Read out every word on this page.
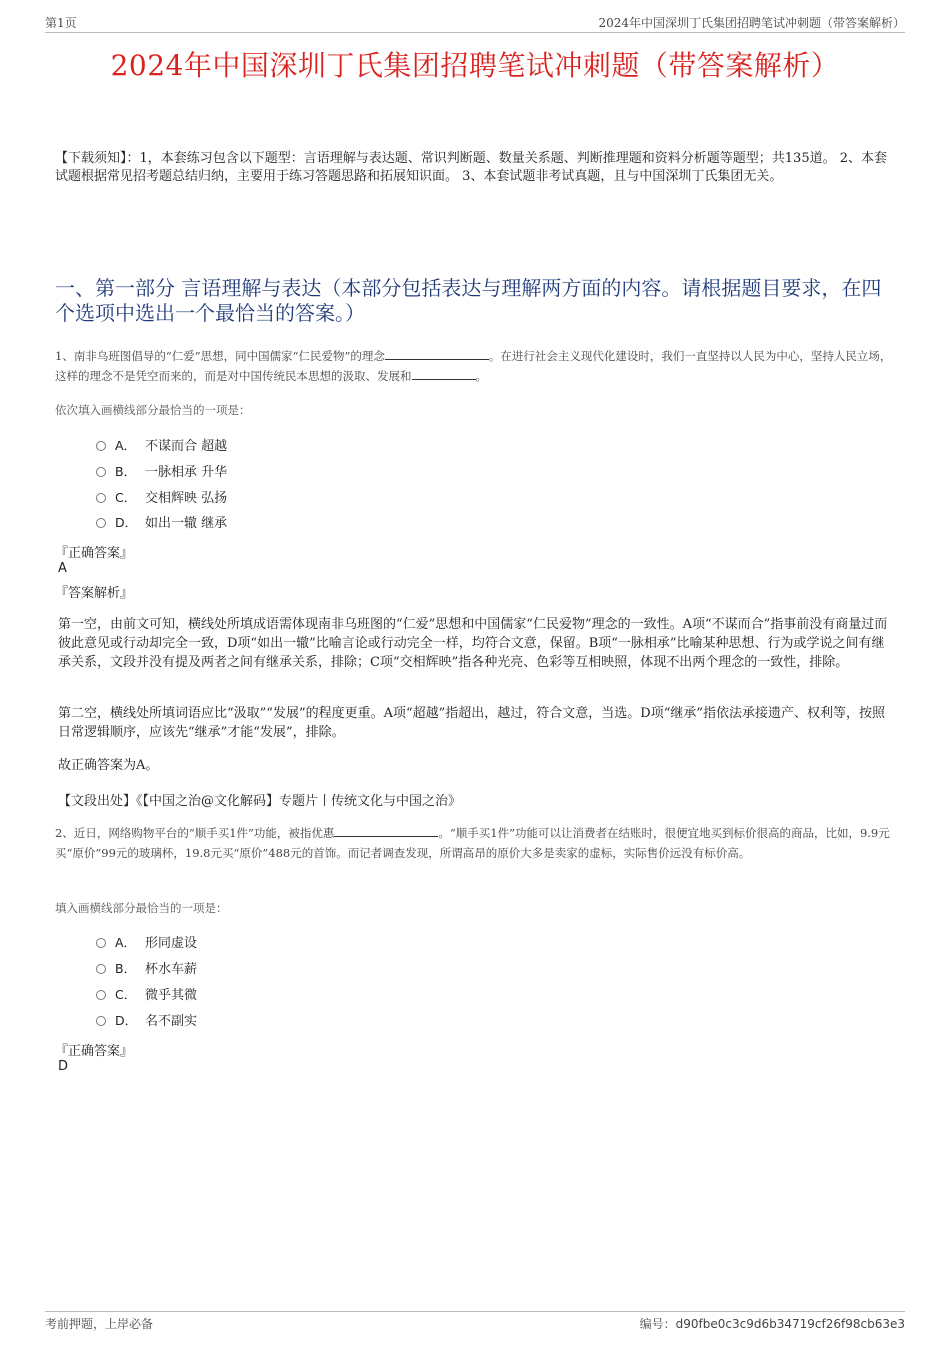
第1页	2024年中国深圳丁氏集团招聘笔试冲刺题（带答案解析）
2024年中国深圳丁氏集团招聘笔试冲刺题（带答案解析）
【下载须知】：1，本套练习包含以下题型：言语理解与表达题、常识判断题、数量关系题、判断推理题和资料分析题等题型；共135道。 2、本套试题根据常见招考题总结归纳，主要用于练习答题思路和拓展知识面。 3、本套试题非考试真题，且与中国深圳丁氏集团无关。
一、第一部分 言语理解与表达（本部分包括表达与理解两方面的内容。请根据题目要求，在四个选项中选出一个最恰当的答案。）
1、南非乌班图倡导的“仁爱”思想，同中国儒家“仁民爱物”的理念	。在进行社会主义现代化建设时，我们一直坚持以人民为中心，坚持人民立场，这样的理念不是凭空而来的，而是对中国传统民本思想的汲取、发展和	。
依次填入画横线部分最恰当的一项是：
A． 不谋而合 超越
B． 一脉相承 升华
C． 交相辉映 弘扬
D． 如出一辙 继承
『正确答案』
A
『答案解析』
第一空，由前文可知，横线处所填成语需体现南非乌班图的“仁爱”思想和中国儒家“仁民爱物”理念的一致性。A项“不谋而合”指事前没有商量过而彼此意见或行动却完全一致，D项“如出一辙”比喻言论或行动完全一样，均符合文意，保留。B项“一脉相承”比喻某种思想、行为或学说之间有继承关系，文段并没有提及两者之间有继承关系，排除；C项“交相辉映”指各种光亮、色彩等互相映照，体现不出两个理念的一致性，排除。
第二空，横线处所填词语应比“汲取”“发展”的程度更重。A项“超越”指超出，越过，符合文意，当选。D项“继承”指依法承接遗产、权利等，按照日常逻辑顺序，应该先“继承”才能“发展”，排除。
故正确答案为A。
【文段出处】《【中国之治@文化解码】专题片丨传统文化与中国之治》
2、近日，网络购物平台的“顺手买1件”功能，被指优惠	。“顺手买1件”功能可以让消费者在结账时，很便宜地买到标价很高的商品，比如，9.9元买“原价”99元的玻璃杯，19.8元买“原价”488元的首饰。而记者调查发现，所谓高昂的原价大多是卖家的虚标，实际售价远没有标价高。
填入画横线部分最恰当的一项是：
A． 形同虚设
B． 杯水车薪
C． 微乎其微
D． 名不副实
『正确答案』
D
考前押题，上岸必备	编号：d90fbe0c3c9d6b34719cf26f98cb63e3
